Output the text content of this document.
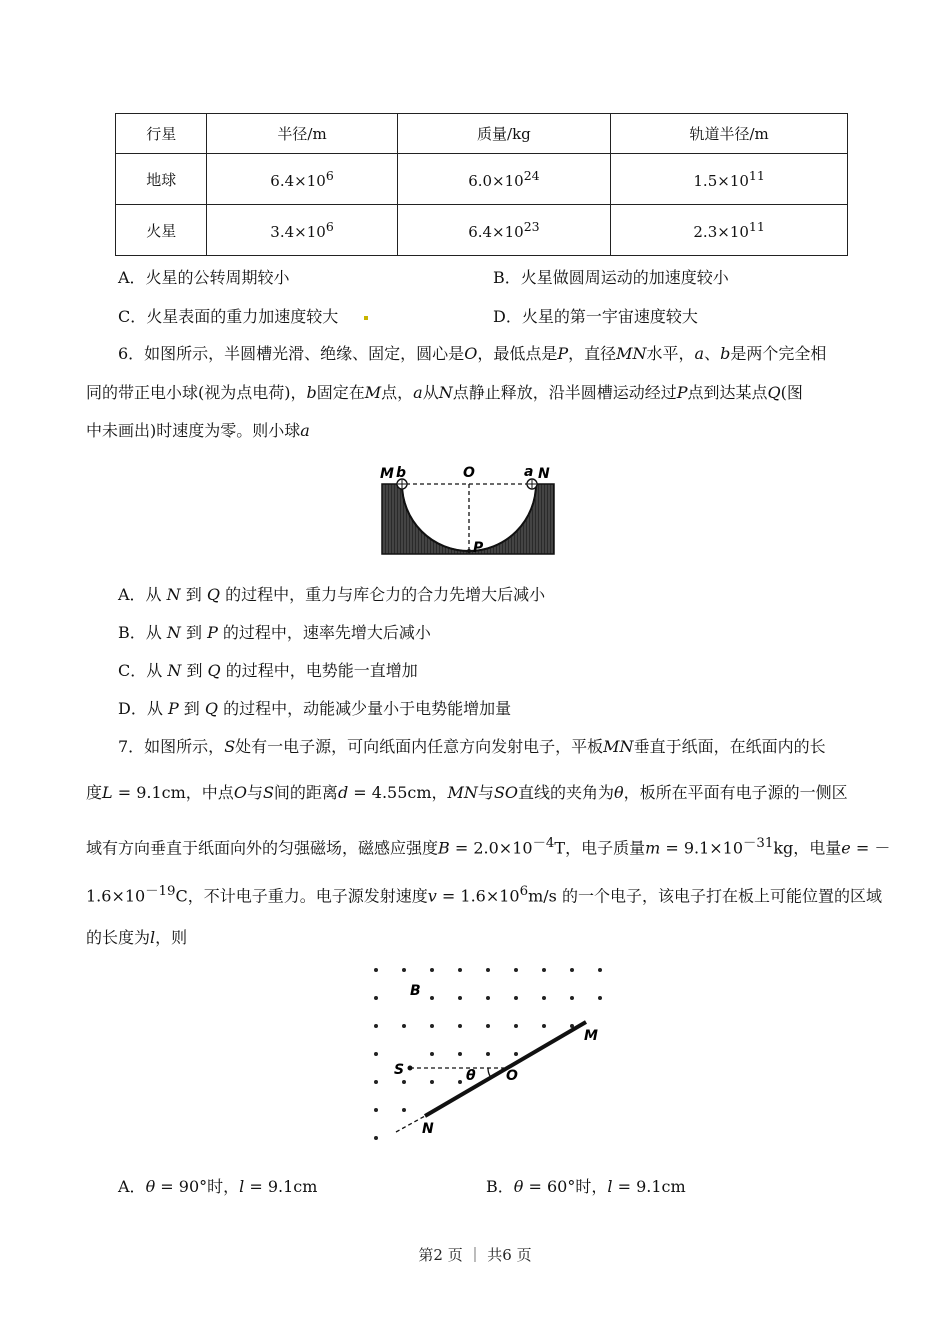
行星	半径/m	质量/kg	轨道半径/m
地球	$6.4\times 10^6$	$6.0\times 10^{24}$	$1.5\times 10^{11}$
火星	$3.4\times 10^6$	$6.4\times 10^{23}$	$2.3\times 10^{11}$
A．火星的公转周期较小	B．火星做圆周运动的加速度较小
C．火星表面的重力加速度较大	D．火星的第一宇宙速度较大
6．如图所示，半圆槽光滑、绝缘、固定，圆心是O，最低点是P，直径MN水平，a、b是两个完全相
同的带正电小球(视为点电荷)，b固定在M点，a从N点静止释放，沿半圆槽运动经过P点到达某点Q(图
中未画出)时速度为零。则小球a
M b	O	a N
P
A．从 N 到 Q 的过程中，重力与库仑力的合力先增大后减小
B．从 N 到 P 的过程中，速率先增大后减小
C．从 N 到 Q 的过程中，电势能一直增加
D．从 P 到 Q 的过程中，动能减少量小于电势能增加量
7．如图所示，S处有一电子源，可向纸面内任意方向发射电子，平板MN垂直于纸面，在纸面内的长
度L = 9.1cm，中点O与S间的距离d = 4.55cm，MN与SO直线的夹角为θ，板所在平面有电子源的一侧区
域有方向垂直于纸面向外的匀强磁场，磁感应强度$B = 2.0\times 10^{-4}T$，电子质量$m = 9.1\times 10^{-31}kg$，电量e = －
$1.6\times 10^{-19}C$，不计电子重力。电子源发射速度$v = 1.6\times 10^6m/s$ 的一个电子，该电子打在板上可能位置的区域
的长度为l，则
B
M
S	θ O
N
A．θ = 90°时，l = 9.1cm	B．θ = 60°时，l = 9.1cm
第2 页 ｜ 共6 页
